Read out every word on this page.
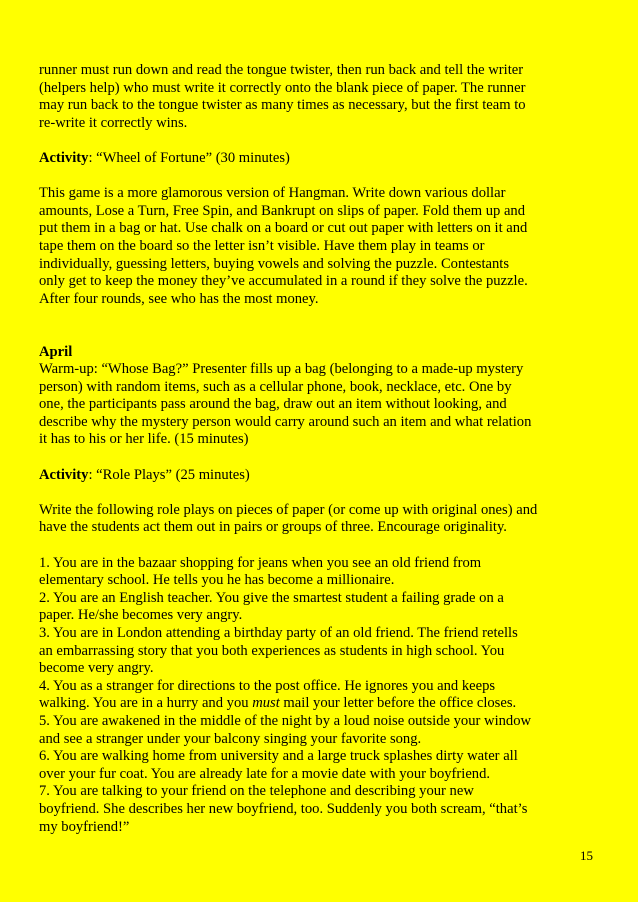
runner must run down and read the tongue twister, then run back and tell the writer
(helpers help) who must write it correctly onto the blank piece of paper. The runner
may run back to the tongue twister as many times as necessary, but the first team to
re-write it correctly wins.
Activity: “Wheel of Fortune” (30 minutes)
This game is a more glamorous version of Hangman. Write down various dollar
amounts, Lose a Turn, Free Spin, and Bankrupt on slips of paper. Fold them up and
put them in a bag or hat. Use chalk on a board or cut out paper with letters on it and
tape them on the board so the letter isn’t visible. Have them play in teams or
individually, guessing letters, buying vowels and solving the puzzle. Contestants
only get to keep the money they’ve accumulated in a round if they solve the puzzle.
After four rounds, see who has the most money.
April
Warm-up: “Whose Bag?” Presenter fills up a bag (belonging to a made-up mystery
person) with random items, such as a cellular phone, book, necklace, etc. One by
one, the participants pass around the bag, draw out an item without looking, and
describe why the mystery person would carry around such an item and what relation
it has to his or her life. (15 minutes)
Activity: “Role Plays” (25 minutes)
Write the following role plays on pieces of paper (or come up with original ones) and
have the students act them out in pairs or groups of three. Encourage originality.
1. You are in the bazaar shopping for jeans when you see an old friend from
elementary school. He tells you he has become a millionaire.
2. You are an English teacher. You give the smartest student a failing grade on a
paper. He/she becomes very angry.
3. You are in London attending a birthday party of an old friend. The friend retells
an embarrassing story that you both experiences as students in high school. You
become very angry.
4. You as a stranger for directions to the post office. He ignores you and keeps
walking. You are in a hurry and you must mail your letter before the office closes.
5. You are awakened in the middle of the night by a loud noise outside your window
and see a stranger under your balcony singing your favorite song.
6. You are walking home from university and a large truck splashes dirty water all
over your fur coat. You are already late for a movie date with your boyfriend.
7. You are talking to your friend on the telephone and describing your new
boyfriend. She describes her new boyfriend, too. Suddenly you both scream, “that’s
my boyfriend!”
15
